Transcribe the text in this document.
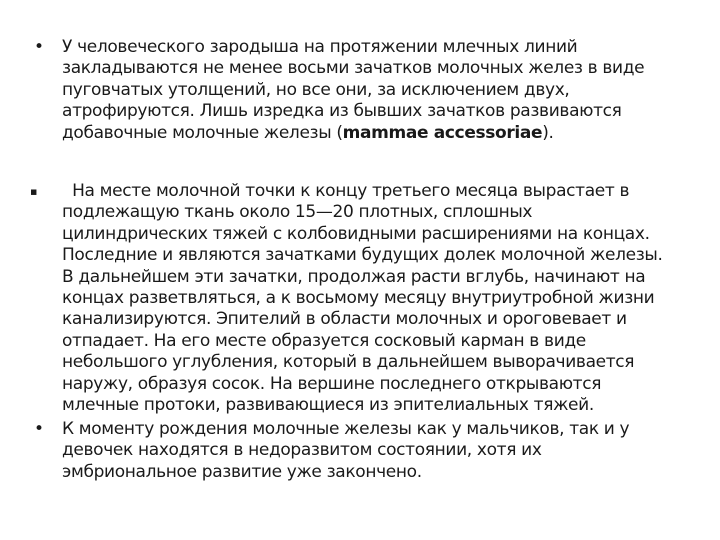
• У человеческого зародыша на протяжении млечных линий
закладываются не менее восьми зачатков молочных желез в виде
пуговчатых утолщений, но все они, за исключением двух,
атрофируются. Лишь изредка из бывших зачатков развиваются
добавочные молочные железы (mammae accessoriae).
▪ На месте молочной точки к концу третьего месяца вырастает в
подлежащую ткань около 15—20 плотных, сплошных
цилиндрических тяжей с колбовидными расширениями на концах.
Последние и являются зачатками будущих долек молочной железы.
В дальнейшем эти зачатки, продолжая расти вглубь, начинают на
концах разветвляться, а к восьмому месяцу внутриутробной жизни
канализируются. Эпителий в области молочных и ороговевает и
отпадает. На его месте образуется сосковый карман в виде
небольшого углубления, который в дальнейшем выворачивается
наружу, образуя сосок. На вершине последнего открываются
млечные протоки, развивающиеся из эпителиальных тяжей.
• К моменту рождения молочные железы как у мальчиков, так и у
девочек находятся в недоразвитом состоянии, хотя их
эмбриональное развитие уже закончено.
